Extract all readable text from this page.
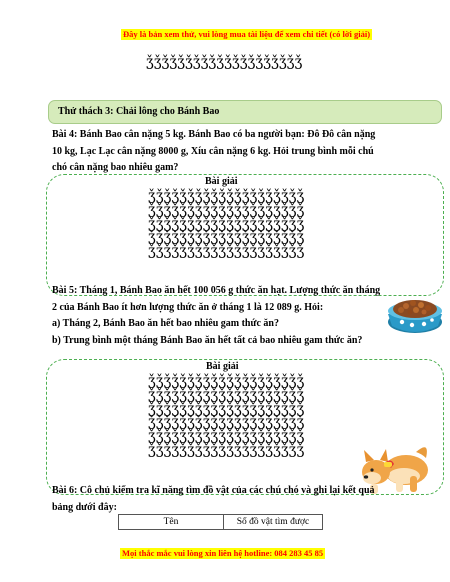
Đây là bản xem thử, vui lòng mua tài liệu để xem chi tiết (có lời giải)
ǯǯǯǯǯǯǯǯǯǯǯǯǯǯǯǯǯǯǯǯ
Thử thách 3: Chải lông cho Bánh Bao
Bài 4: Bánh Bao cân nặng 5 kg. Bánh Bao có ba người bạn: Đô Đô cân nặng
10 kg, Lạc Lạc cân nặng 8000 g, Xíu cân nặng 6 kg. Hỏi trung bình mỗi chú
chó cân nặng bao nhiêu gam?
Bài giải
ǯǯǯǯǯǯǯǯǯǯǯǯǯǯǯǯǯǯǯǯ
ǯǯǯǯǯǯǯǯǯǯǯǯǯǯǯǯǯǯǯǯ
ǯǯǯǯǯǯǯǯǯǯǯǯǯǯǯǯǯǯǯǯ
ǯǯǯǯǯǯǯǯǯǯǯǯǯǯǯǯǯǯǯǯ
ǯǯǯǯǯǯǯǯǯǯǯǯǯǯǯǯǯǯǯǯ
Bài 5: Tháng 1, Bánh Bao ăn hết 100 056 g thức ăn hạt. Lượng thức ăn tháng
2 của Bánh Bao ít hơn lượng thức ăn ở tháng 1 là 12 089 g. Hỏi:
a) Tháng 2, Bánh Bao ăn hết bao nhiêu gam thức ăn?
b) Trung bình một tháng Bánh Bao ăn hết tất cả bao nhiêu gam thức ăn?
Bài giải
ǯǯǯǯǯǯǯǯǯǯǯǯǯǯǯǯǯǯǯǯ
ǯǯǯǯǯǯǯǯǯǯǯǯǯǯǯǯǯǯǯǯ
ǯǯǯǯǯǯǯǯǯǯǯǯǯǯǯǯǯǯǯǯ
ǯǯǯǯǯǯǯǯǯǯǯǯǯǯǯǯǯǯǯǯ
ǯǯǯǯǯǯǯǯǯǯǯǯǯǯǯǯǯǯǯǯ
ǯǯǯǯǯǯǯǯǯǯǯǯǯǯǯǯǯǯǯǯ
Bài 6: Cô chủ kiểm tra kĩ năng tìm đồ vật của các chú chó và ghi lại kết quả
bảng dưới đây:
Tên	Số đồ vật tìm được
Mọi thắc mắc vui lòng xin liên hệ hotline: 084 283 45 85
